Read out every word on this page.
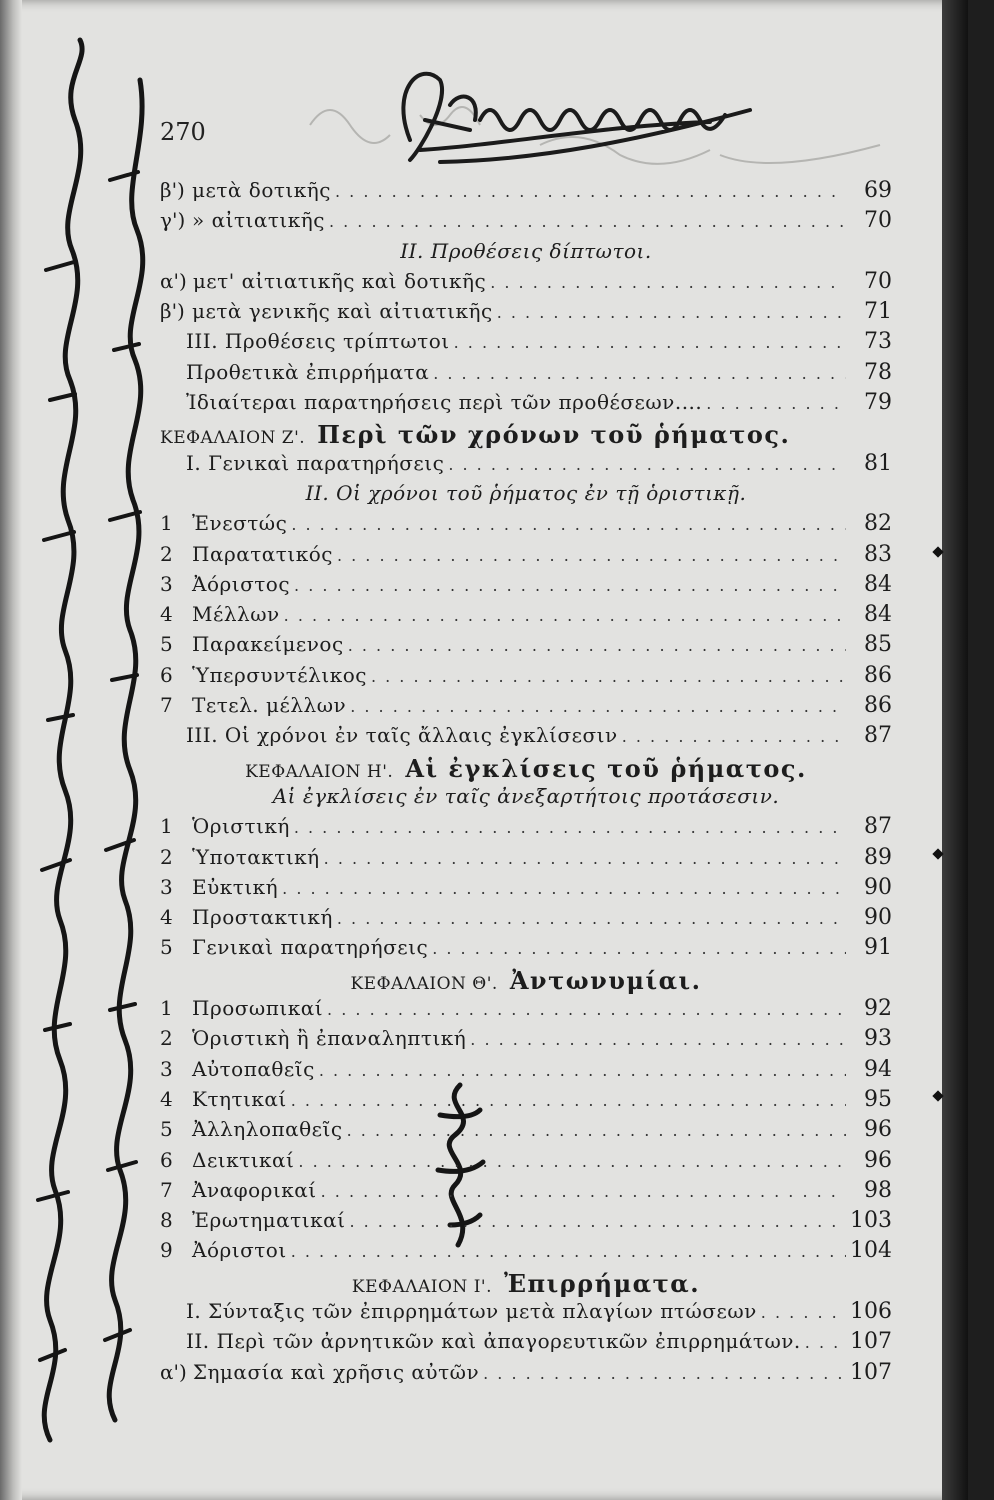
270
β') μετὰ δοτικῆς . . .	69
γ') » αἰτιατικῆς . . .	70
ΙΙ. Προθέσεις δίπτωτοι.
α') μετ' αἰτιατικῆς καὶ δοτικῆς . . .	70
β') μετὰ γενικῆς καὶ αἰτιατικῆς . . .	71
ΙΙΙ. Προθέσεις τρίπτωτοι . . .	73
Προθετικὰ ἐπιρρήματα . . .	78
Ἰδιαίτεραι παρατηρήσεις περὶ τῶν προθέσεων.... . . .	79
ΚΕΦΑΛΑΙΟΝ Ζ'. Περὶ τῶν χρόνων τοῦ ῥήματος.
Ι. Γενικαὶ παρατηρήσεις . . .	81
ΙΙ. Οἱ χρόνοι τοῦ ῥήματος ἐν τῇ ὁριστικῇ.
1 Ἐνεστώς . . .	82
2 Παρατατικός . . .	83
3 Ἀόριστος . . .	84
4 Μέλλων . . .	84
5 Παρακείμενος . . .	85
6 Ὑπερσυντέλικος . . .	86
7 Τετελ. μέλλων . . .	86
ΙΙΙ. Οἱ χρόνοι ἐν ταῖς ἄλλαις ἐγκλίσεσιν . . .	87
ΚΕΦΑΛΑΙΟΝ Η'. Αἱ ἐγκλίσεις τοῦ ῥήματος.
Αἱ ἐγκλίσεις ἐν ταῖς ἀνεξαρτήτοις προτάσεσιν.
1 Ὁριστική . . .	87
2 Ὑποτακτική . . .	89
3 Εὐκτική . . .	90
4 Προστακτική . . .	90
5 Γενικαὶ παρατηρήσεις . . .	91
ΚΕΦΑΛΑΙΟΝ Θ'. Ἀντωνυμίαι.
1 Προσωπικαί . . .	92
2 Ὁριστικὴ ἢ ἐπαναληπτική . . .	93
3 Αὐτοπαθεῖς . . .	94
4 Κτητικαί . . .	95
5 Ἀλληλοπαθεῖς . . .	96
6 Δεικτικαί . . .	96
7 Ἀναφορικαί . . .	98
8 Ἐρωτηματικαί . . .	103
9 Ἀόριστοι . . .	104
ΚΕΦΑΛΑΙΟΝ Ι'. Ἐπιρρήματα.
Ι. Σύνταξις τῶν ἐπιρρημάτων μετὰ πλαγίων πτώσεων . . .	106
ΙΙ. Περὶ τῶν ἀρνητικῶν καὶ ἀπαγορευτικῶν ἐπιρρημάτων. . . . 107
α') Σημασία καὶ χρῆσις αὐτῶν . . .	107
